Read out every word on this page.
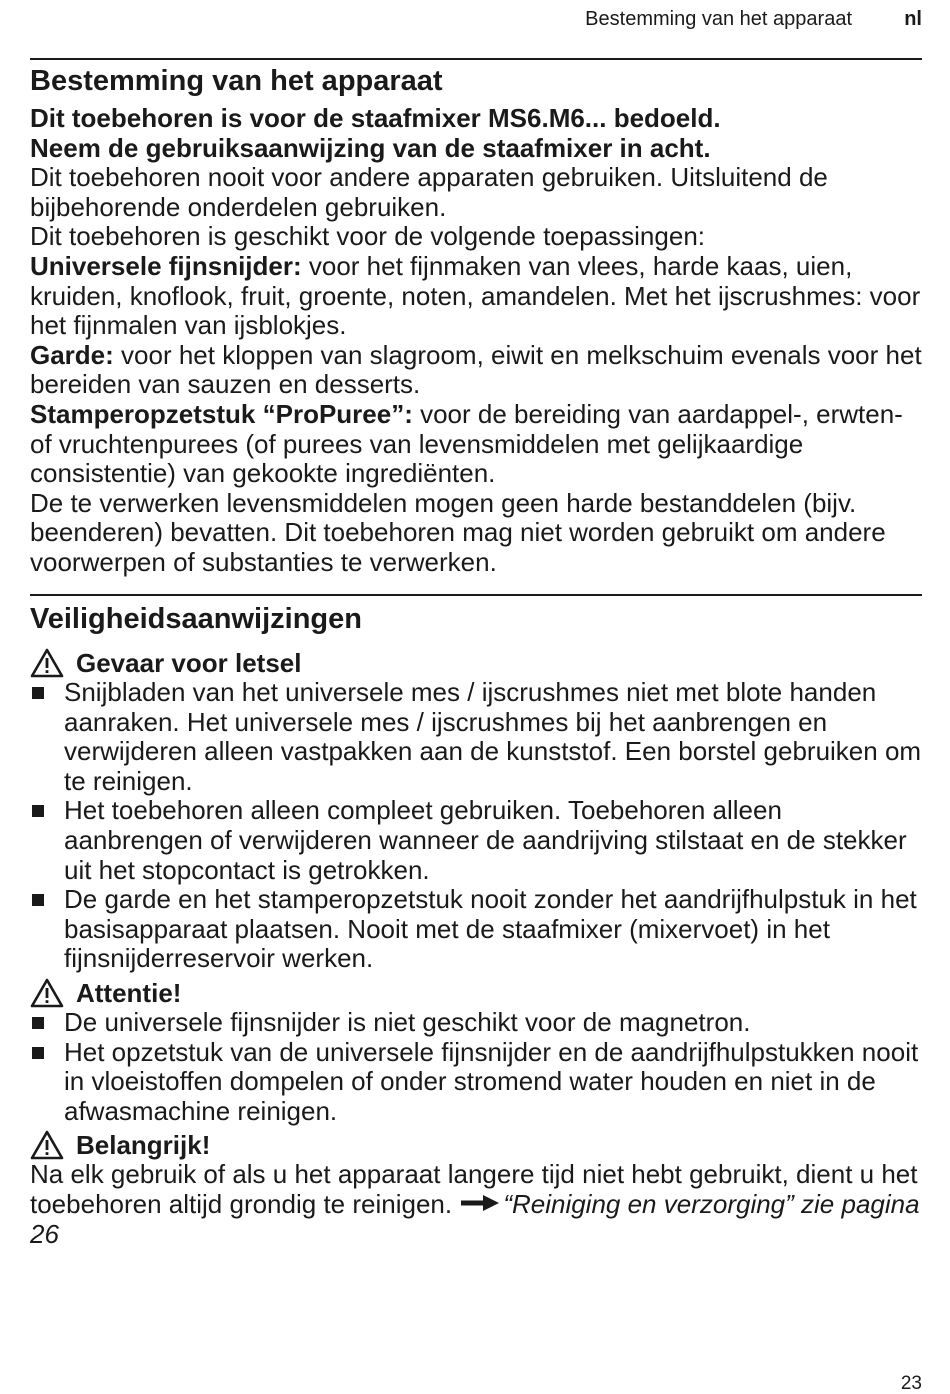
Bestemming van het apparaat	nl
Bestemming van het apparaat

Dit toebehoren is voor de staafmixer MS6.M6... bedoeld.

Neem de gebruiksaanwijzing van de staafmixer in acht.

Dit toebehoren nooit voor andere apparaten gebruiken. Uitsluitend de bijbehorende onderdelen gebruiken.

Dit toebehoren is geschikt voor de volgende toepassingen:

Universele fijnsnijder: voor het fijnmaken van vlees, harde kaas, uien, kruiden, knoflook, fruit, groente, noten, amandelen. Met het ijscrushmes: voor het fijnmalen van ijsblokjes.

Garde: voor het kloppen van slagroom, eiwit en melkschuim evenals voor het bereiden van sauzen en desserts.

Stamperopzetstuk “ProPuree”: voor de bereiding van aardappel-, erwten- of vruchtenpurees (of purees van levensmiddelen met gelijkaardige consistentie) van gekookte ingrediënten.

De te verwerken levensmiddelen mogen geen harde bestanddelen (bijv. beenderen) bevatten. Dit toebehoren mag niet worden gebruikt om andere voorwerpen of substanties te verwerken.

Veiligheidsaanwijzingen
Gevaar voor letsel
Snijbladen van het universele mes / ijscrushmes niet met blote handen aanraken. Het universele mes / ijscrushmes bij het aanbrengen en verwijderen alleen vastpakken aan de kunststof. Een borstel gebruiken om te reinigen.
Het toebehoren alleen compleet gebruiken. Toebehoren alleen aanbrengen of verwijderen wanneer de aandrijving stilstaat en de stekker uit het stopcontact is getrokken.
De garde en het stamperopzetstuk nooit zonder het aandrijfhulpstuk in het basisapparaat plaatsen. Nooit met de staafmixer (mixervoet) in het fijnsnijderreservoir werken.
Attentie!
De universele fijnsnijder is niet geschikt voor de magnetron.
Het opzetstuk van de universele fijnsnijder en de aandrijfhulpstukken nooit in vloeistoffen dompelen of onder stromend water houden en niet in de afwasmachine reinigen.
Belangrijk!

Na elk gebruik of als u het apparaat langere tijd niet hebt gebruikt, dient u het toebehoren altijd grondig te reinigen. “Reiniging en verzorging” zie pagina 26

23
